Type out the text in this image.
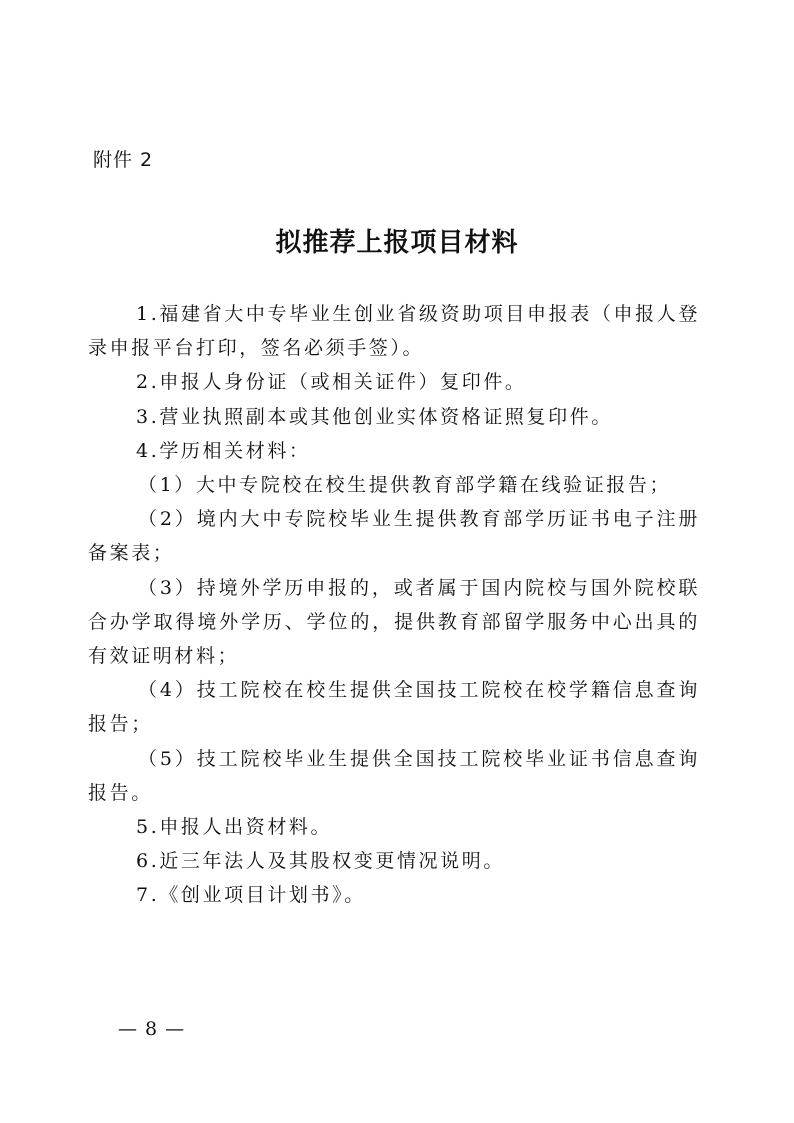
附件 2
拟推荐上报项目材料

1.福建省大中专毕业生创业省级资助项目申报表（申报人登录申报平台打印，签名必须手签）。

2.申报人身份证（或相关证件）复印件。

3.营业执照副本或其他创业实体资格证照复印件。

4.学历相关材料：

（1）大中专院校在校生提供教育部学籍在线验证报告；

（2）境内大中专院校毕业生提供教育部学历证书电子注册备案表；

（3）持境外学历申报的，或者属于国内院校与国外院校联合办学取得境外学历、学位的，提供教育部留学服务中心出具的有效证明材料；

（4）技工院校在校生提供全国技工院校在校学籍信息查询报告；

（5）技工院校毕业生提供全国技工院校毕业证书信息查询报告。

5.申报人出资材料。

6.近三年法人及其股权变更情况说明。

7.《创业项目计划书》。

— 8 —
